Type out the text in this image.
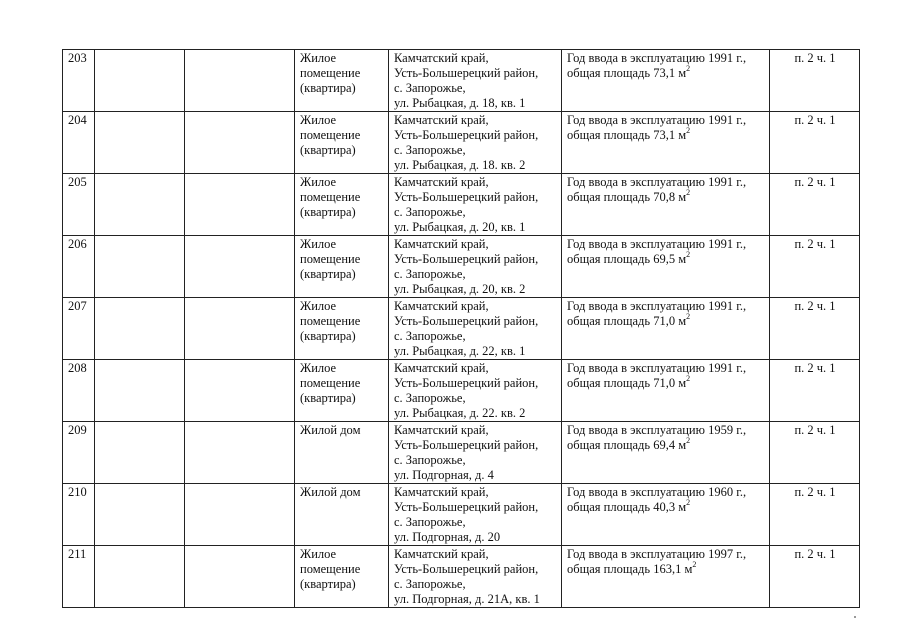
203			Жилое
помещение
(квартира)	Камчатский край,
Усть-Большерецкий район,
с. Запорожье,
ул. Рыбацкая, д. 18, кв. 1	Год ввода в эксплуатацию 1991 г.,
общая площадь 73,1 $м^2$	п. 2 ч. 1
204			Жилое
помещение
(квартира)	Камчатский край,
Усть-Большерецкий район,
с. Запорожье,
ул. Рыбацкая, д. 18. кв. 2	Год ввода в эксплуатацию 1991 г.,
общая площадь 73,1 $м^2$	п. 2 ч. 1
205			Жилое
помещение
(квартира)	Камчатский край,
Усть-Большерецкий район,
с. Запорожье,
ул. Рыбацкая, д. 20, кв. 1	Год ввода в эксплуатацию 1991 г.,
общая площадь 70,8 $м^2$	п. 2 ч. 1
206			Жилое
помещение
(квартира)	Камчатский край,
Усть-Большерецкий район,
с. Запорожье,
ул. Рыбацкая, д. 20, кв. 2	Год ввода в эксплуатацию 1991 г.,
общая площадь 69,5 $м^2$	п. 2 ч. 1
207			Жилое
помещение
(квартира)	Камчатский край,
Усть-Большерецкий район,
с. Запорожье,
ул. Рыбацкая, д. 22, кв. 1	Год ввода в эксплуатацию 1991 г.,
общая площадь 71,0 $м^2$	п. 2 ч. 1
208			Жилое
помещение
(квартира)	Камчатский край,
Усть-Большерецкий район,
с. Запорожье,
ул. Рыбацкая, д. 22. кв. 2	Год ввода в эксплуатацию 1991 г.,
общая площадь 71,0 $м^2$	п. 2 ч. 1
209			Жилой дом	Камчатский край,
Усть-Большерецкий район,
с. Запорожье,
ул. Подгорная, д. 4	Год ввода в эксплуатацию 1959 г.,
общая площадь 69,4 $м^2$	п. 2 ч. 1
210			Жилой дом	Камчатский край,
Усть-Большерецкий район,
с. Запорожье,
ул. Подгорная, д. 20	Год ввода в эксплуатацию 1960 г.,
общая площадь 40,3 $м^2$	п. 2 ч. 1
211			Жилое
помещение
(квартира)	Камчатский край,
Усть-Большерецкий район,
с. Запорожье,
ул. Подгорная, д. 21А, кв. 1	Год ввода в эксплуатацию 1997 г.,
общая площадь 163,1 $м^2$	п. 2 ч. 1
